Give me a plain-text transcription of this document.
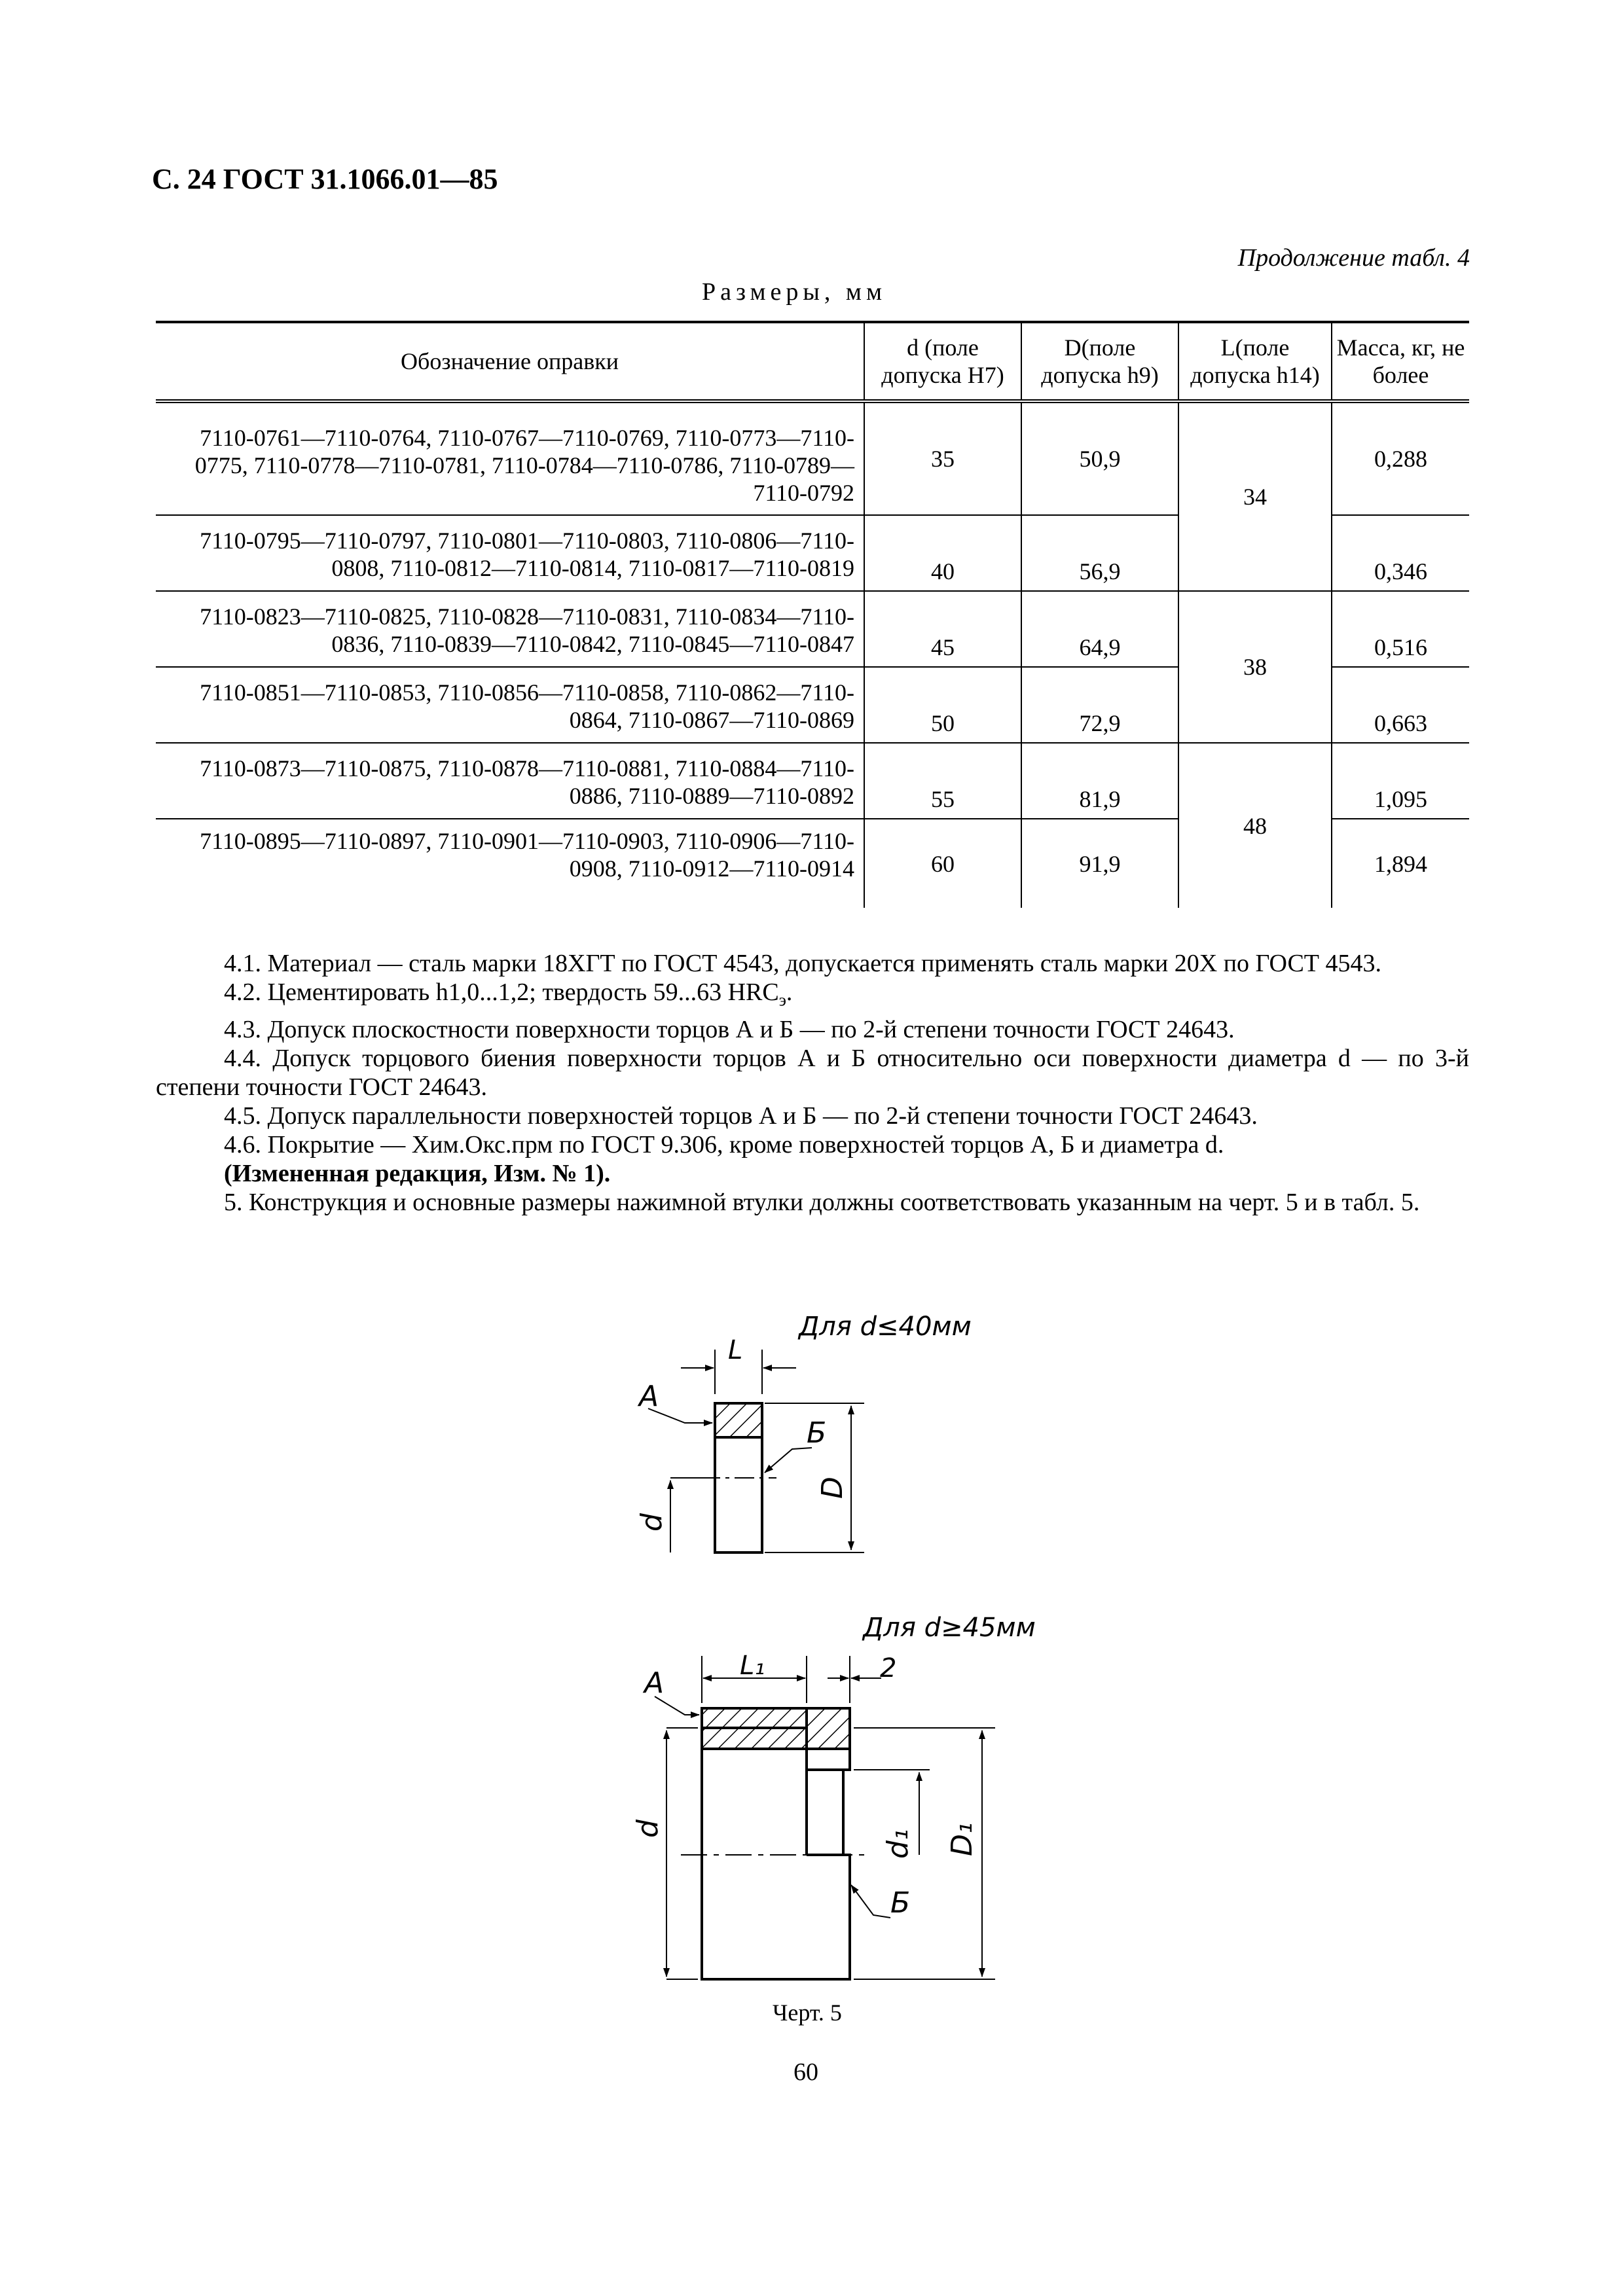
С. 24 ГОСТ 31.1066.01—85
Продолжение табл. 4
Размеры, мм
Обозначение оправки	d (поле допуска H7)	D(поле допуска h9)	L(поле допуска h14)	Масса, кг, не более
7110-0761—7110-0764, 7110-0767—7110-0769, 7110-0773—7110-0775, 7110-0778—7110-0781, 7110-0784—7110-0786, 7110-0789—7110-0792	35	50,9	34	0,288
7110-0795—7110-0797, 7110-0801—7110-0803, 7110-0806—7110-0808, 7110-0812—7110-0814, 7110-0817—7110-0819	40	56,9		0,346
7110-0823—7110-0825, 7110-0828—7110-0831, 7110-0834—7110-0836, 7110-0839—7110-0842, 7110-0845—7110-0847	45	64,9	38	0,516
7110-0851—7110-0853, 7110-0856—7110-0858, 7110-0862—7110-0864, 7110-0867—7110-0869	50	72,9		0,663
7110-0873—7110-0875, 7110-0878—7110-0881, 7110-0884—7110-0886, 7110-0889—7110-0892	55	81,9	48	1,095
7110-0895—7110-0897, 7110-0901—7110-0903, 7110-0906—7110-0908, 7110-0912—7110-0914	60	91,9		1,894

4.1. Материал — сталь марки 18ХГТ по ГОСТ 4543, допускается применять сталь марки 20Х по ГОСТ 4543.

4.2. Цементировать h1,0...1,2; твердость 59...63 $HRC_э$.

4.3. Допуск плоскостности поверхности торцов А и Б — по 2-й степени точности ГОСТ 24643.

4.4. Допуск торцового биения поверхности торцов А и Б относительно оси поверхности диаметра d — по 3-й степени точности ГОСТ 24643.

4.5. Допуск параллельности поверхностей торцов А и Б — по 2-й степени точности ГОСТ 24643.

4.6. Покрытие — Хим.Окс.прм по ГОСТ 9.306, кроме поверхностей торцов А, Б и диаметра d.

(Измененная редакция, Изм. № 1).

5. Конструкция и основные размеры нажимной втулки должны соответствовать указанным на черт. 5 и в табл. 5.

Для d≤40мм
L
А
Б
d
D
Для d≥45мм
L₁	2
А
d
d₁ D₁
Б
Черт. 5
60
